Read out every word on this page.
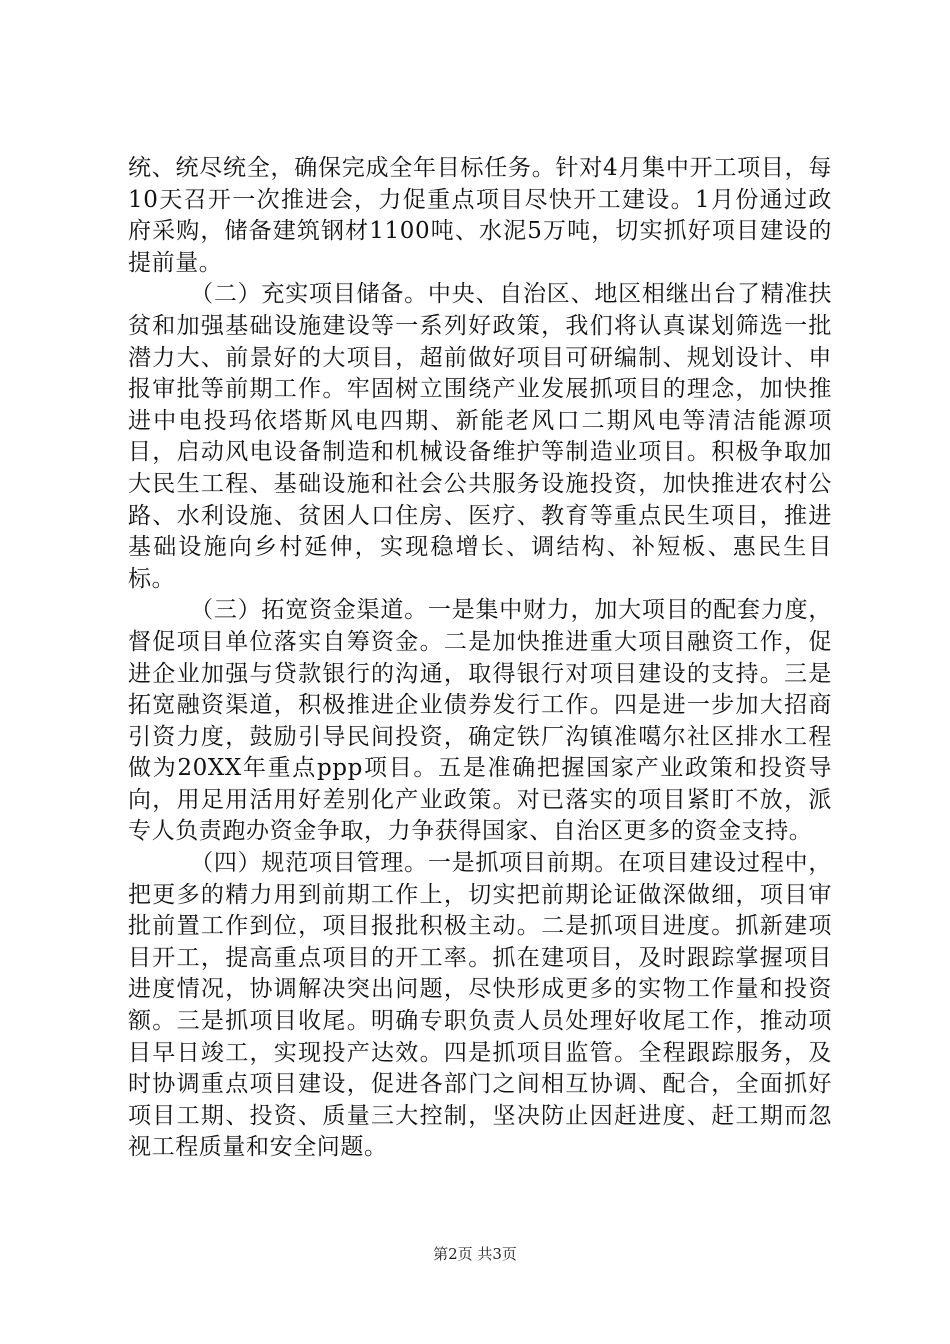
统、统尽统全，确保完成全年目标任务。针对4月集中开工项目，每10天召开一次推进会，力促重点项目尽快开工建设。1月份通过政府采购，储备建筑钢材1100吨、水泥5万吨，切实抓好项目建设的提前量。

（二）充实项目储备。中央、自治区、地区相继出台了精准扶贫和加强基础设施建设等一系列好政策，我们将认真谋划筛选一批潜力大、前景好的大项目，超前做好项目可研编制、规划设计、申报审批等前期工作。牢固树立围绕产业发展抓项目的理念，加快推进中电投玛依塔斯风电四期、新能老风口二期风电等清洁能源项目，启动风电设备制造和机械设备维护等制造业项目。积极争取加大民生工程、基础设施和社会公共服务设施投资，加快推进农村公路、水利设施、贫困人口住房、医疗、教育等重点民生项目，推进基础设施向乡村延伸，实现稳增长、调结构、补短板、惠民生目标。

（三）拓宽资金渠道。一是集中财力，加大项目的配套力度，督促项目单位落实自筹资金。二是加快推进重大项目融资工作，促进企业加强与贷款银行的沟通，取得银行对项目建设的支持。三是拓宽融资渠道，积极推进企业债券发行工作。四是进一步加大招商引资力度，鼓励引导民间投资，确定铁厂沟镇准噶尔社区排水工程做为20XX年重点ppp项目。五是准确把握国家产业政策和投资导向，用足用活用好差别化产业政策。对已落实的项目紧盯不放，派专人负责跑办资金争取，力争获得国家、自治区更多的资金支持。

（四）规范项目管理。一是抓项目前期。在项目建设过程中，把更多的精力用到前期工作上，切实把前期论证做深做细，项目审批前置工作到位，项目报批积极主动。二是抓项目进度。抓新建项目开工，提高重点项目的开工率。抓在建项目，及时跟踪掌握项目进度情况，协调解决突出问题，尽快形成更多的实物工作量和投资额。三是抓项目收尾。明确专职负责人员处理好收尾工作，推动项目早日竣工，实现投产达效。四是抓项目监管。全程跟踪服务，及时协调重点项目建设，促进各部门之间相互协调、配合，全面抓好项目工期、投资、质量三大控制，坚决防止因赶进度、赶工期而忽视工程质量和安全问题。

第2页 共3页
